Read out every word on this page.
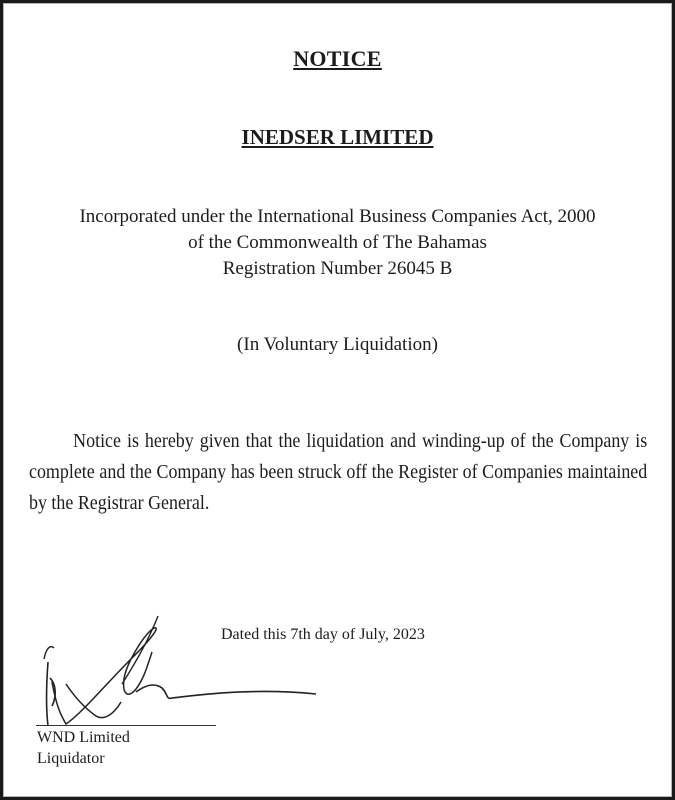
NOTICE
INEDSER LIMITED
Incorporated under the International Business Companies Act, 2000
of the Commonwealth of The Bahamas
Registration Number 26045 B
(In Voluntary Liquidation)

Notice is hereby given that the liquidation and winding-up of the Company is complete and the Company has been struck off the Register of Companies maintained by the Registrar General.

Dated this 7th day of July, 2023
WND Limited
Liquidator
